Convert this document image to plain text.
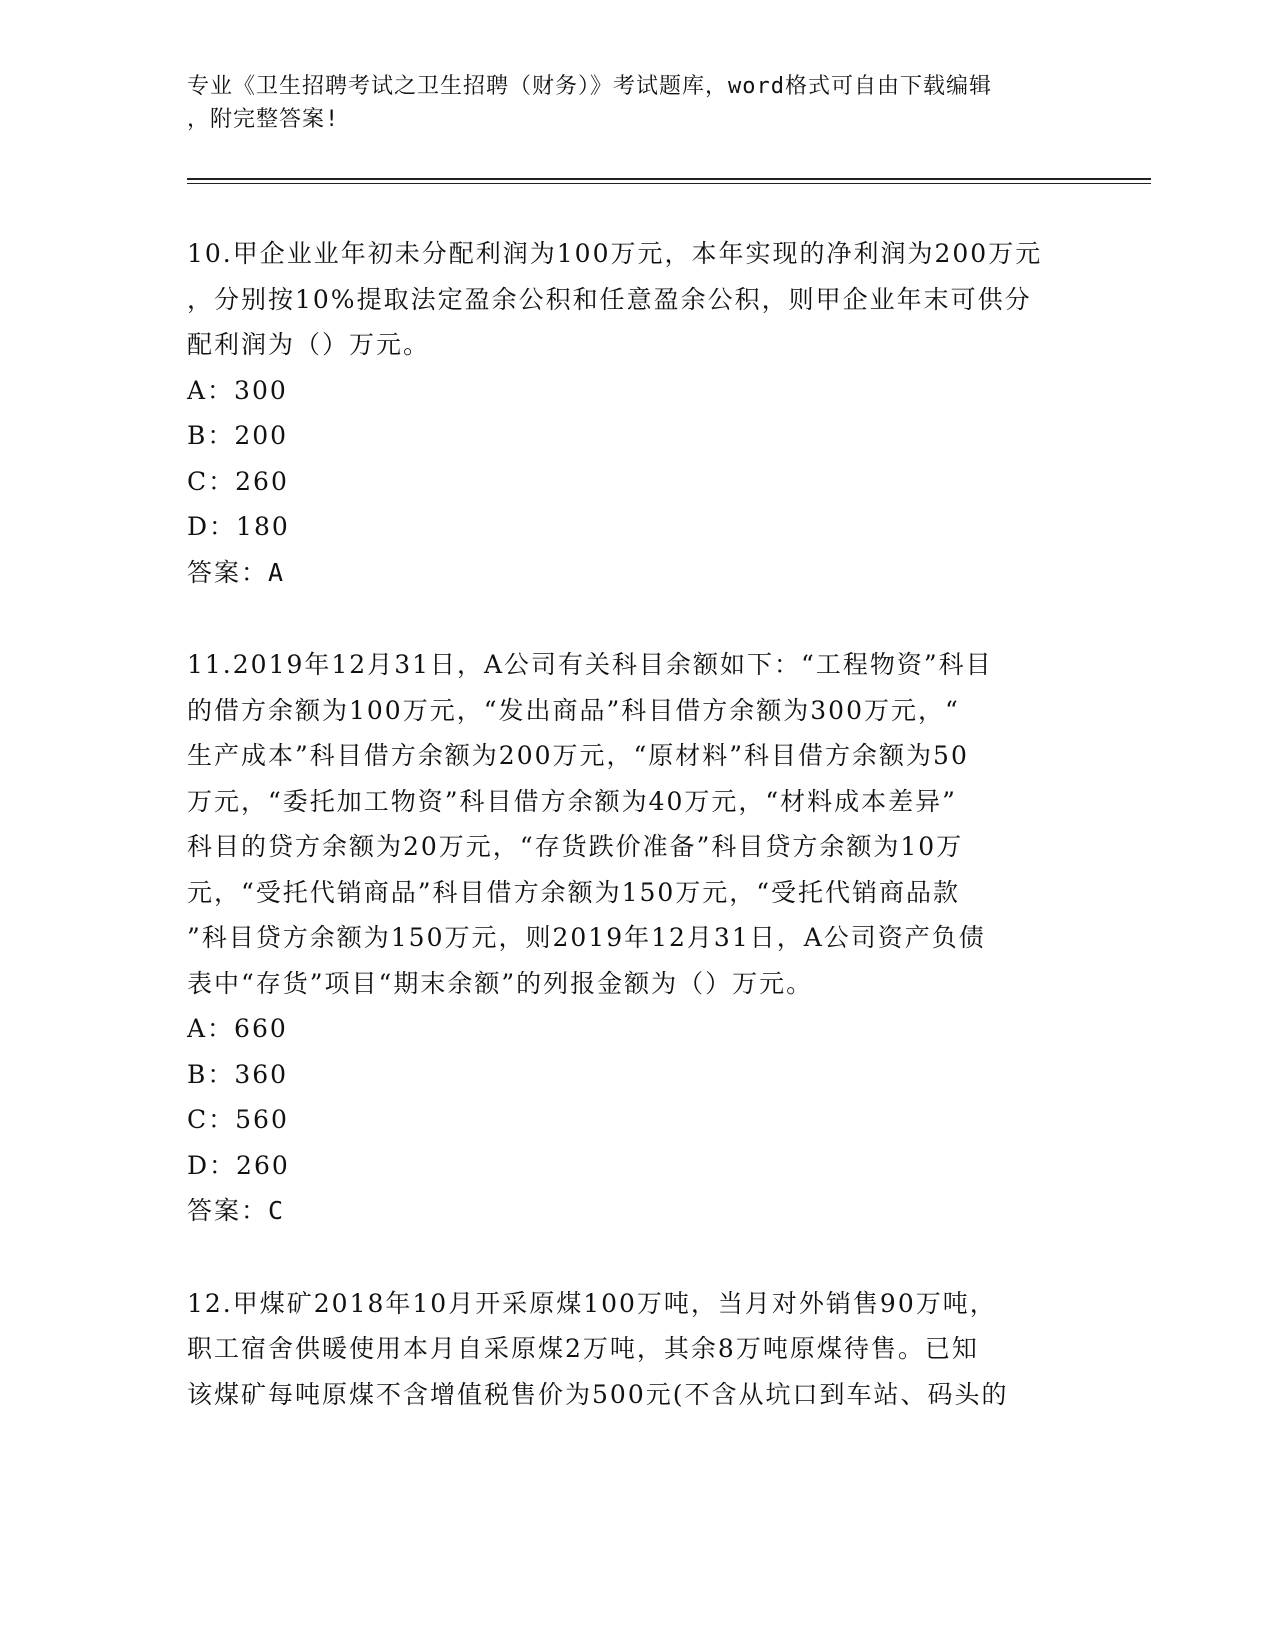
专业《卫生招聘考试之卫生招聘（财务）》考试题库，word格式可自由下载编辑
，附完整答案!
10.甲企业业年初未分配利润为100万元，本年实现的净利润为200万元
，分别按10%提取法定盈余公积和任意盈余公积，则甲企业年末可供分
配利润为（）万元。
A：300
B：200
C：260
D：180
答案：A
11.2019年12月31日，A公司有关科目余额如下：“工程物资”科目
的借方余额为100万元，“发出商品”科目借方余额为300万元，“
生产成本”科目借方余额为200万元，“原材料”科目借方余额为50
万元，“委托加工物资”科目借方余额为40万元，“材料成本差异”
科目的贷方余额为20万元，“存货跌价准备”科目贷方余额为10万
元，“受托代销商品”科目借方余额为150万元，“受托代销商品款
”科目贷方余额为150万元，则2019年12月31日，A公司资产负债
表中“存货”项目“期末余额”的列报金额为（）万元。
A：660
B：360
C：560
D：260
答案：C
12.甲煤矿2018年10月开采原煤100万吨，当月对外销售90万吨，
职工宿舍供暖使用本月自采原煤2万吨，其余8万吨原煤待售。已知
该煤矿每吨原煤不含增值税售价为500元(不含从坑口到车站、码头的
